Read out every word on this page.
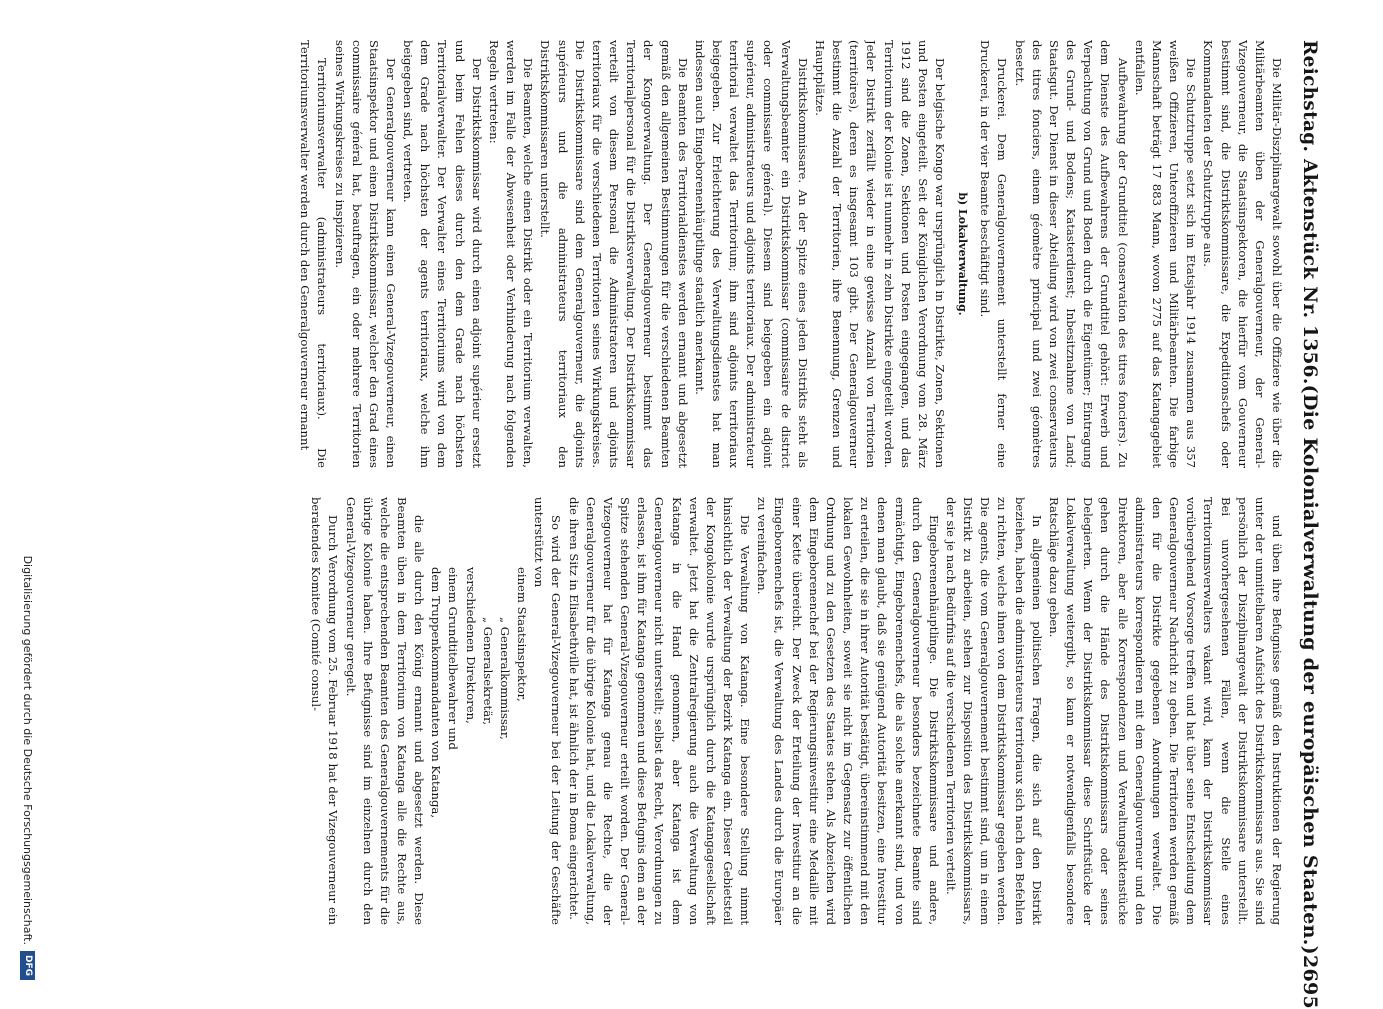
Reichstag. Aktenstück Nr. 1356.
(Die Kolonialverwaltung der europäischen Staaten.)
2695

Die Militär-Disziplinargewalt sowohl über die Offiziere wie über die Militärbeamten üben der Generalgouverneur, der General-Vizegouverneur, die Staatsinspektoren, die hierfür vom Gouverneur bestimmt sind, die Distriktskommissare, die Expeditionschefs oder Kommandanten der Schutztruppe aus.

Die Schutztruppe setzt sich im Etatsjahr 1914 zusammen aus 357 weißen Offizieren, Unteroffizieren und Militärbeamten. Die farbige Mannschaft beträgt 17 883 Mann, wovon 2775 auf das Katangagebiet entfallen.

Aufbewahrung der Grundtitel (conservation des titres fonciers). Zu dem Dienste des Aufbewahrens der Grundtitel gehört: Erwerb und Verpachtung von Grund und Boden durch die Eigentümer; Eintragung des Grund- und Bodens; Katasterdienst; Inbesitznahme von Land; Staatsgut. Der Dienst in dieser Abteilung wird von zwei conservateurs des titres fonciers, einem géomètre principal und zwei géomètres besetzt.

Druckerei. Dem Generalgouvernement unterstellt ferner eine Druckerei, in der vier Beamte beschäftigt sind.

b) Lokalverwaltung.

Der belgische Kongo war ursprünglich in Distrikte, Zonen, Sektionen und Posten eingeteilt. Seit der Königlichen Verordnung vom 28. März 1912 sind die Zonen, Sektionen und Posten eingegangen, und das Territorium der Kolonie ist nunmehr in zehn Distrikte eingeteilt worden. Jeder Distrikt zerfällt wieder in eine gewisse Anzahl von Territorien (territoires), deren es insgesamt 103 gibt. Der Generalgouverneur bestimmt die Anzahl der Territorien, ihre Benennung, Grenzen und Hauptplätze.

Distriktskommissare. An der Spitze eines jeden Distrikts steht als Verwaltungsbeamter ein Distriktskommissar (commissaire de district oder commissaire général). Diesem sind beigegeben ein adjoint supérieur, administrateurs und adjoints territoriaux. Der administrateur territorial verwaltet das Territorium; ihm sind adjoints territoriaux beigegeben. Zur Erleichterung des Verwaltungsdienstes hat man indessen auch Eingeborenenhäuptlinge staatlich anerkannt.

Die Beamten des Territorialdienstes werden ernannt und abgesetzt gemäß den allgemeinen Bestimmungen für die verschiedenen Beamten der Kongoverwaltung. Der Generalgouverneur bestimmt das Territorialpersonal für die Distriktsverwaltung. Der Distriktskommissar verteilt von diesem Personal die Administratoren und adjoints territoriaux für die verschiedenen Territorien seines Wirkungskreises. Die Distriktskommissare sind dem Generalgouverneur, die adjoints supérieurs und die administrateurs territoriaux den Distriktskommissaren unterstellt.

Die Beamten, welche einen Distrikt oder ein Territorium verwalten, werden im Falle der Abwesenheit oder Verhinderung nach folgenden Regeln vertreten:

Der Distriktskommissar wird durch einen adjoint supérieur ersetzt und beim Fehlen dieses durch den dem Grade nach höchsten Territorialverwalter. Der Verwalter eines Territoriums wird von dem dem Grade nach höchsten der agents territoriaux, welche ihm beigegeben sind, vertreten.

Der Generalgouverneur kann einen General-Vizegouverneur, einen Staatsinspektor und einen Distriktskommissar, welcher den Grad eines commissaire général hat, beauftragen, ein oder mehrere Territorien seines Wirkungskreises zu inspizieren.

Territoriumsverwalter (administrateurs territoriaux). Die Territoriumsverwalter werden durch den Generalgouverneur ernannt

und üben ihre Befugnisse gemäß den Instruktionen der Regierung unter der unmittelbaren Aufsicht des Distriktskommissars aus. Sie sind persönlich der Disziplinargewalt der Distriktskommissare unterstellt. Bei unvorhergesehenen Fällen, wenn die Stelle eines Territoriumsverwalters vakant wird, kann der Distriktskommissar vorübergehend Vorsorge treffen und hat über seine Entscheidung dem Generalgouverneur Nachricht zu geben. Die Territorien werden gemäß den für die Distrikte gegebenen Anordnungen verwaltet. Die administrateurs korrespondieren mit dem Generalgouverneur und den Direktoren, aber alle Korrespondenzen und Verwaltungsaktenstücke gehen durch die Hände des Distriktskommissars oder seines Delegierten. Wenn der Distriktskommissar diese Schriftstücke der Lokalverwaltung weitergibt, so kann er notwendigenfalls besondere Ratschläge dazu geben.

In allgemeinen politischen Fragen, die sich auf den Distrikt beziehen, haben die administrateurs territoriaux sich nach den Befehlen zu richten, welche ihnen von dem Distriktskommissar gegeben werden. Die agents, die vom Generalgouvernement bestimmt sind, um in einem Distrikt zu arbeiten, stehen zur Disposition des Distriktskommissars, der sie je nach Bedürfnis auf die verschiedenen Territorien verteilt.

Eingeborenenhäuptlinge. Die Distriktskommissare und andere, durch den Generalgouverneur besonders bezeichnete Beamte sind ermächtigt, Eingeborenenchefs, die als solche anerkannt sind, und von denen man glaubt, daß sie genügend Autorität besitzen, eine Investitur zu erteilen, die sie in ihrer Autorität bestätigt, übereinstimmend mit den lokalen Gewohnheiten, soweit sie nicht im Gegensatz zur öffentlichen Ordnung und zu den Gesetzen des Staates stehen. Als Abzeichen wird dem Eingeborenenchef bei der Regierungsinvestitur eine Medaille mit einer Kette übereicht. Der Zweck der Erteilung der Investitur an die Eingeborenenchefs ist, die Verwaltung des Landes durch die Europäer zu vereinfachen.

Die Verwaltung von Katanga. Eine besondere Stellung nimmt hinsichtlich der Verwaltung der Bezirk Katanga ein. Dieser Gebietsteil der Kongokolonie wurde ursprünglich durch die Katangagesellschaft verwaltet. Jetzt hat die Zentralregierung auch die Verwaltung von Katanga in die Hand genommen, aber Katanga ist dem Generalgouverneur nicht unterstellt; selbst das Recht, Verordnungen zu erlassen, ist ihm für Katanga genommen und diese Befugnis dem an der Spitze stehenden General-Vizegouverneur erteilt worden. Der General-Vizegouverneur hat für Katanga genau die Rechte, die der Generalgouverneur für die übrige Kolonie hat, und die Lokalverwaltung, die ihren Sitz in Elisabethville hat, ist ähnlich der in Boma eingerichtet.

So wird der General-Vizegouverneur bei der Leitung der Geschäfte unterstützt von

einem Staatsinspektor,

„ Generalkommissar,

„ Generalsekretär,

verschiedenen Direktoren,

einem Grundtitelbewahrer und

dem Truppenkommandanten von Katanga,

die alle durch den König ernannt und abgesetzt werden. Diese Beamten üben in dem Territorium von Katanga alle die Rechte aus, welche die entsprechenden Beamten des Generalgouvernements für die übrige Kolonie haben. Ihre Befugnisse sind im einzelnen durch den General-Vizegouverneur geregelt.

Durch Verordnung vom 25. Februar 1918 hat der Vizegouverneur ein beratendes Komitee (Comité consul-

Digitalisierung gefördert durch die Deutsche Forschungsgemeinschaft.
DFG
